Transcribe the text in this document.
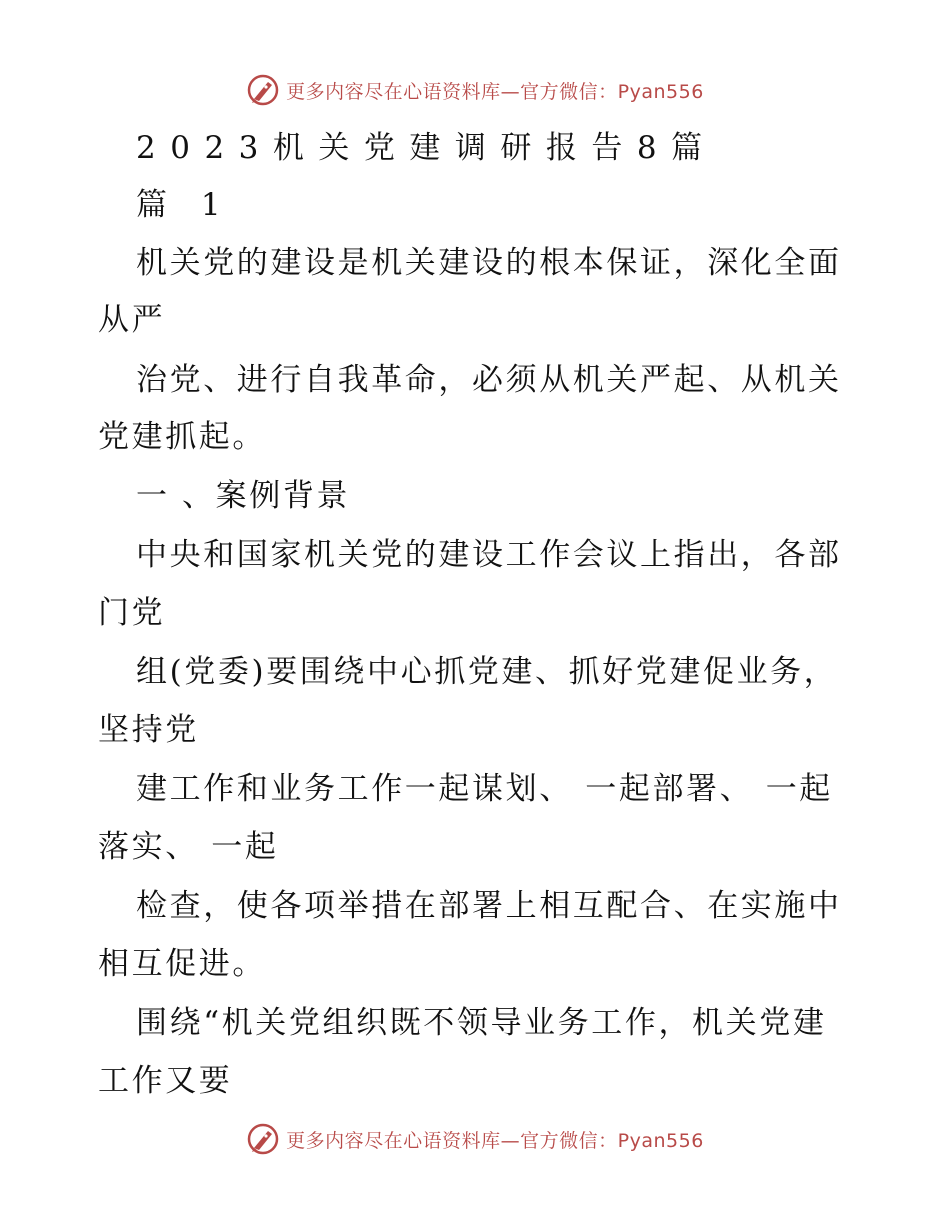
更多内容尽在心语资料库—官方微信：Pyan556
2023机关党建调研报告8篇
篇 1
机关党的建设是机关建设的根本保证，深化全面
从严
治党、进行自我革命，必须从机关严起、从机关
党建抓起。
一 、案例背景
中央和国家机关党的建设工作会议上指出，各部
门党
组(党委)要围绕中心抓党建、抓好党建促业务，
坚持党
建工作和业务工作一起谋划、 一起部署、 一起
落实、 一起
检查，使各项举措在部署上相互配合、在实施中
相互促进。
围绕“机关党组织既不领导业务工作，机关党建
工作又要
更多内容尽在心语资料库—官方微信：Pyan556
